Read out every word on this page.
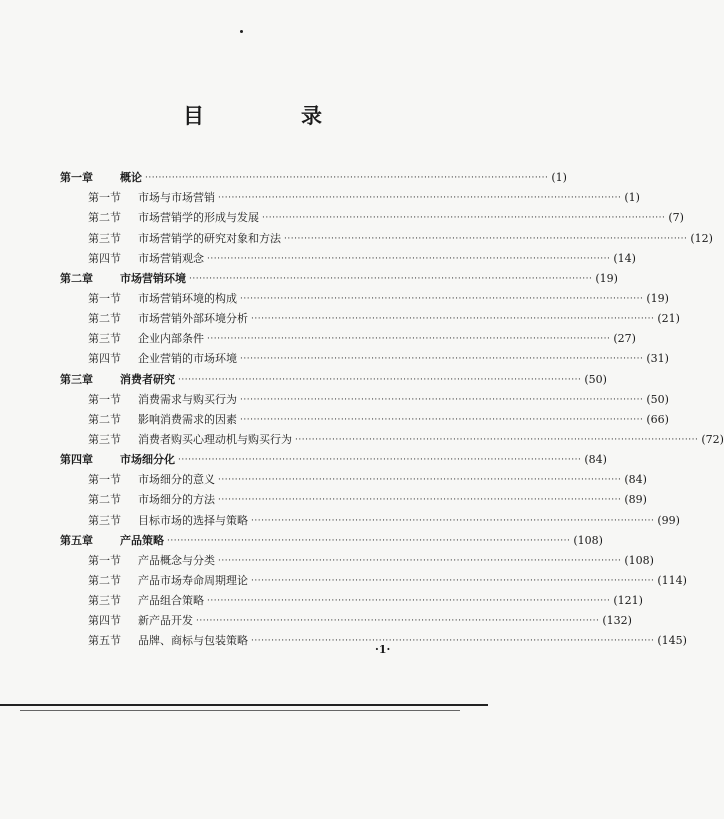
目　录
第一章	概论 ························································································································ (1)
第一节	市场与市场营销 ························································································································ (1)
第二节	市场营销学的形成与发展 ························································································································ (7)
第三节	市场营销学的研究对象和方法 ························································································································ (12)
第四节	市场营销观念 ························································································································ (14)
第二章	市场营销环境 ························································································································ (19)
第一节	市场营销环境的构成 ························································································································ (19)
第二节	市场营销外部环境分析 ························································································································ (21)
第三节	企业内部条件 ························································································································ (27)
第四节	企业营销的市场环境 ························································································································ (31)
第三章	消费者研究 ························································································································ (50)
第一节	消费需求与购买行为 ························································································································ (50)
第二节	影响消费需求的因素 ························································································································ (66)
第三节	消费者购买心理动机与购买行为 ························································································································ (72)
第四章	市场细分化 ························································································································ (84)
第一节	市场细分的意义 ························································································································ (84)
第二节	市场细分的方法 ························································································································ (89)
第三节	目标市场的选择与策略 ························································································································ (99)
第五章	产品策略 ························································································································ (108)
第一节	产品概念与分类 ························································································································ (108)
第二节	产品市场寿命周期理论 ························································································································ (114)
第三节	产品组合策略 ························································································································ (121)
第四节	新产品开发 ························································································································ (132)
第五节	品牌、商标与包装策略 ························································································································ (145)
·1·
